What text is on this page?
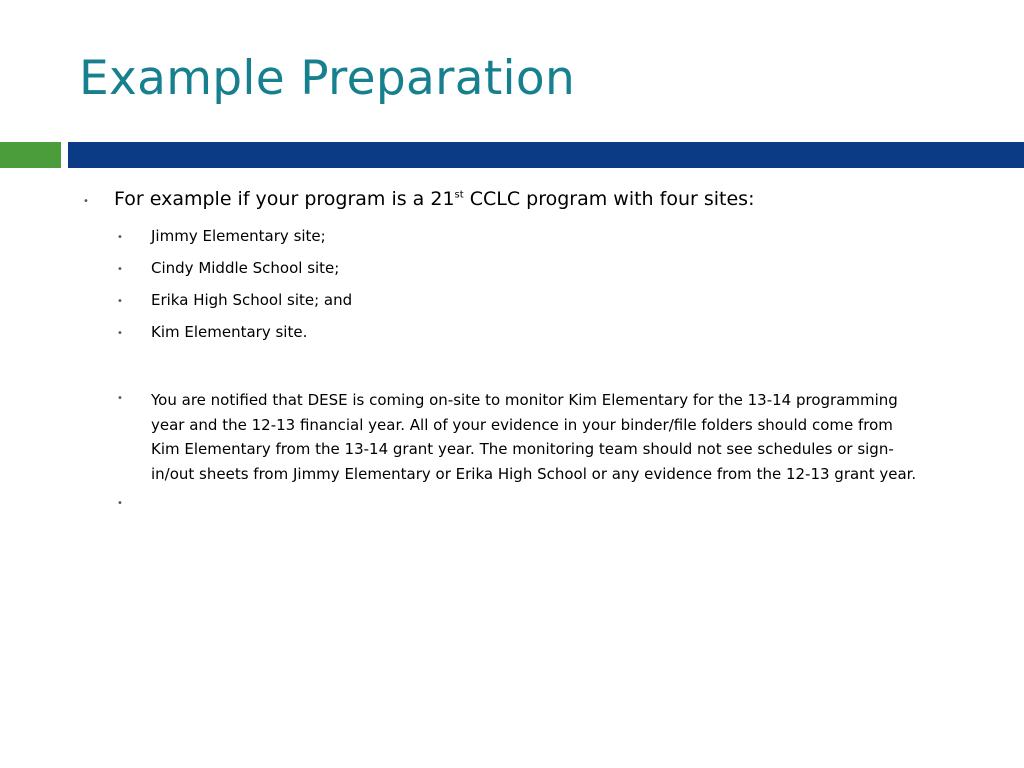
Example Preparation
• For example if your program is a 21st CCLC program with four sites:
• Jimmy Elementary site;
• Cindy Middle School site;
• Erika High School site; and
• Kim Elementary site.
• You are notified that DESE is coming on-site to monitor Kim Elementary for the 13-14 programming
year and the 12-13 financial year. All of your evidence in your binder/file folders should come from
Kim Elementary from the 13-14 grant year. The monitoring team should not see schedules or sign-
in/out sheets from Jimmy Elementary or Erika High School or any evidence from the 12-13 grant year.
•
